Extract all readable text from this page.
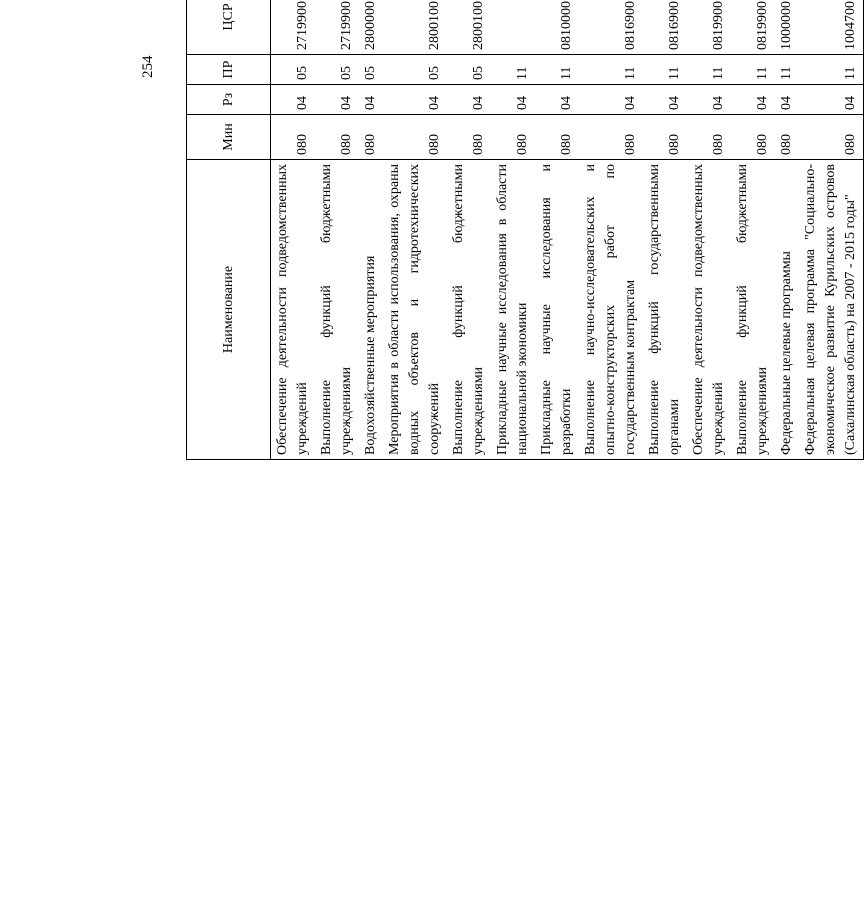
254
Наименование	Мин	Рз	ПР	ЦСР		

Обеспечение деятельности подведомственных учреждений	080	04	05	2719900			
Выполнение функций бюджетными учреждениями	080	04	05	2719900			
Водохозяйственные мероприятия	080	04	05	2800000			
Мероприятия в области использования, охраны водных объектов и гидротехнических сооружений	080	04	05	2800100			
Выполнение функций бюджетными учреждениями	080	04	05	2800100			
Прикладные научные исследования в области национальной экономики	080	04	11				
Прикладные научные исследования и разработки	080	04	11	0810000			
Выполнение научно-исследовательских и опытно-конструкторских работ по государственным контрактам	080	04	11	0816900			
Выполнение функций государственными органами	080	04	11	0816900			
Обеспечение деятельности подведомственных учреждений	080	04	11	0819900			
Выполнение функций бюджетными учреждениями	080	04	11	0819900			
Федеральные целевые программы	080	04	11	1000000			
Федеральная целевая программа "Социально-экономическое развитие Курильских островов (Сахалинская область) на 2007 - 2015 годы"	080	04	11	1004700			
